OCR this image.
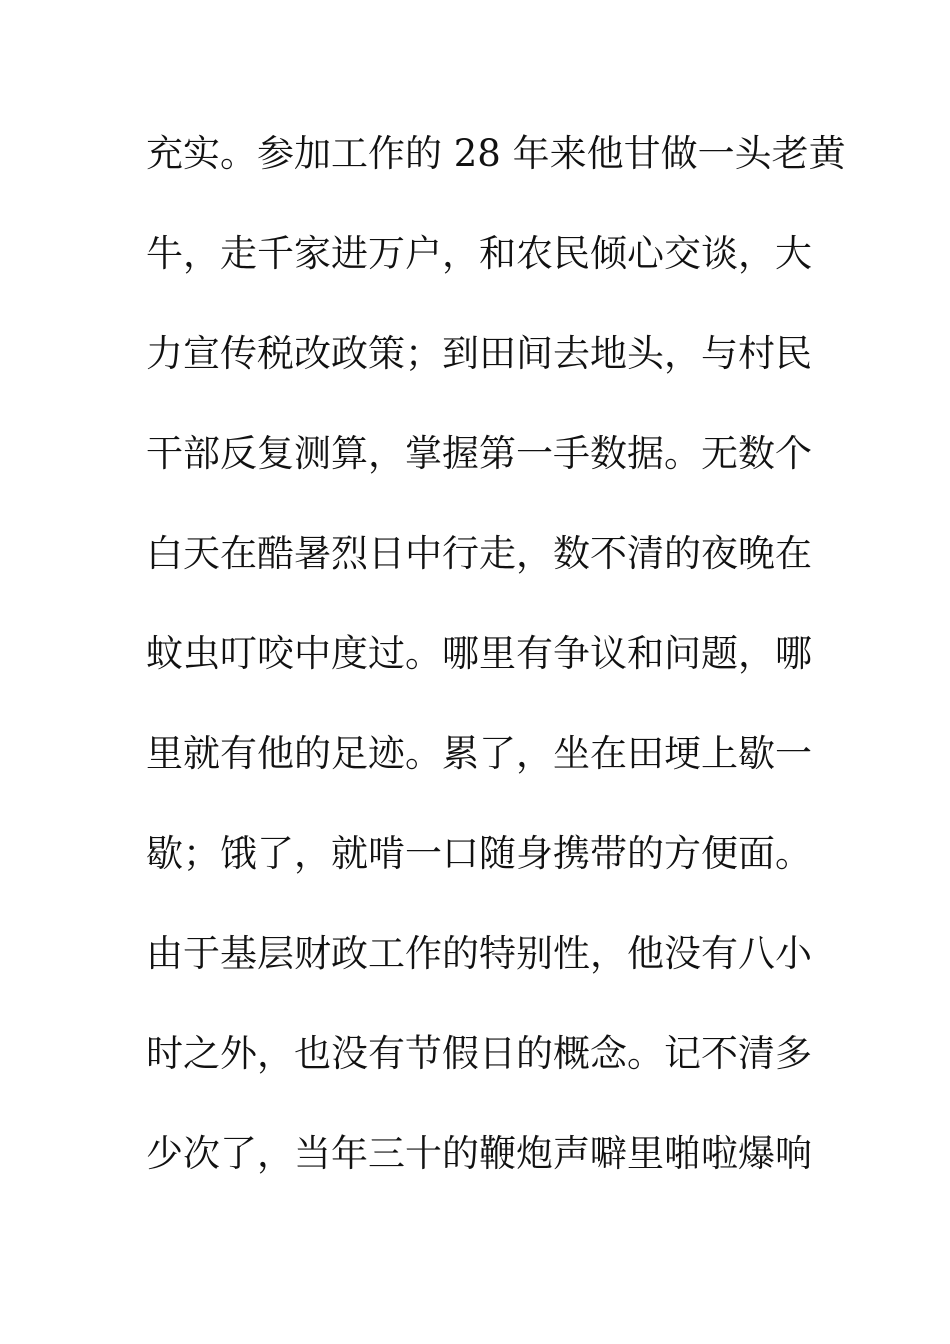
充实。参加工作的 28 年来他甘做一头老黄
牛，走千家进万户，和农民倾心交谈，大
力宣传税改政策；到田间去地头，与村民
干部反复测算，掌握第一手数据。无数个
白天在酷暑烈日中行走，数不清的夜晚在
蚊虫叮咬中度过。哪里有争议和问题，哪
里就有他的足迹。累了，坐在田埂上歇一
歇；饿了，就啃一口随身携带的方便面。
由于基层财政工作的特别性，他没有八小
时之外，也没有节假日的概念。记不清多
少次了，当年三十的鞭炮声噼里啪啦爆响
